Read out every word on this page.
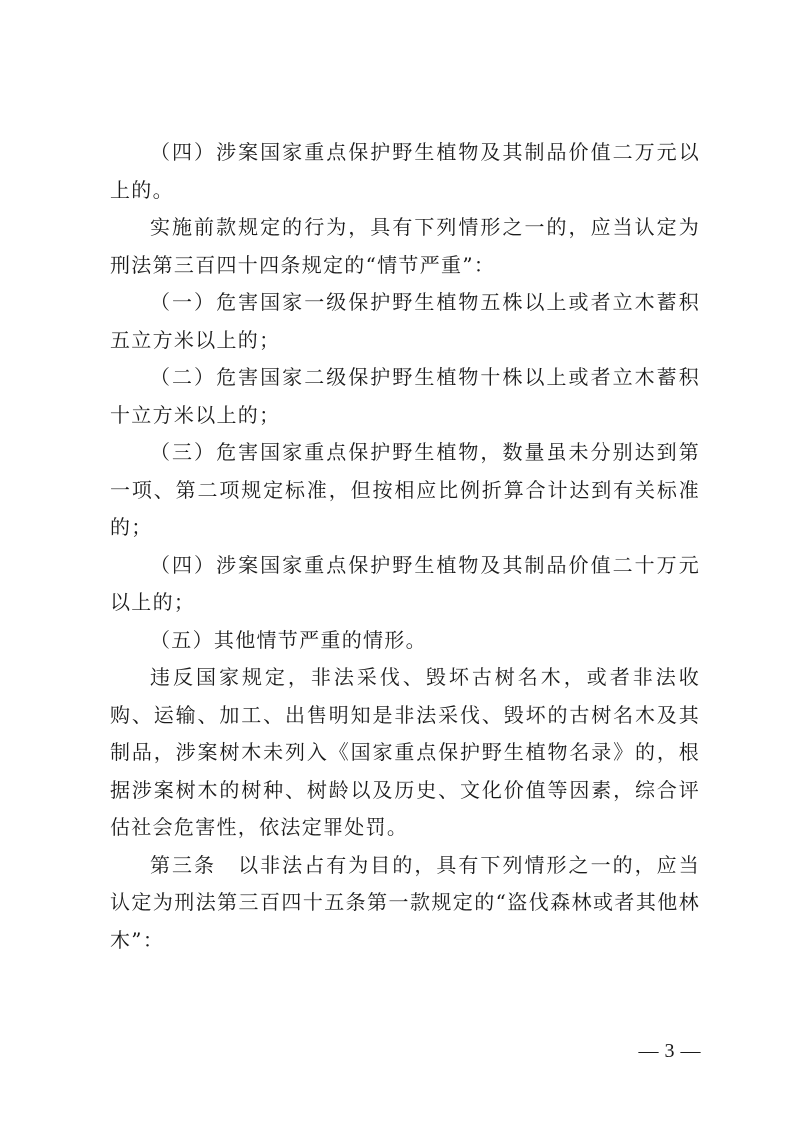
（四）涉案国家重点保护野生植物及其制品价值二万元以上的。

实施前款规定的行为，具有下列情形之一的，应当认定为刑法第三百四十四条规定的“情节严重”：

（一）危害国家一级保护野生植物五株以上或者立木蓄积五立方米以上的；

（二）危害国家二级保护野生植物十株以上或者立木蓄积十立方米以上的；

（三）危害国家重点保护野生植物，数量虽未分别达到第一项、第二项规定标准，但按相应比例折算合计达到有关标准的；

（四）涉案国家重点保护野生植物及其制品价值二十万元以上的；

（五）其他情节严重的情形。

违反国家规定，非法采伐、毁坏古树名木，或者非法收购、运输、加工、出售明知是非法采伐、毁坏的古树名木及其制品，涉案树木未列入《国家重点保护野生植物名录》的，根据涉案树木的树种、树龄以及历史、文化价值等因素，综合评估社会危害性，依法定罪处罚。

第三条　以非法占有为目的，具有下列情形之一的，应当认定为刑法第三百四十五条第一款规定的“盗伐森林或者其他林木”：

— 3 —
